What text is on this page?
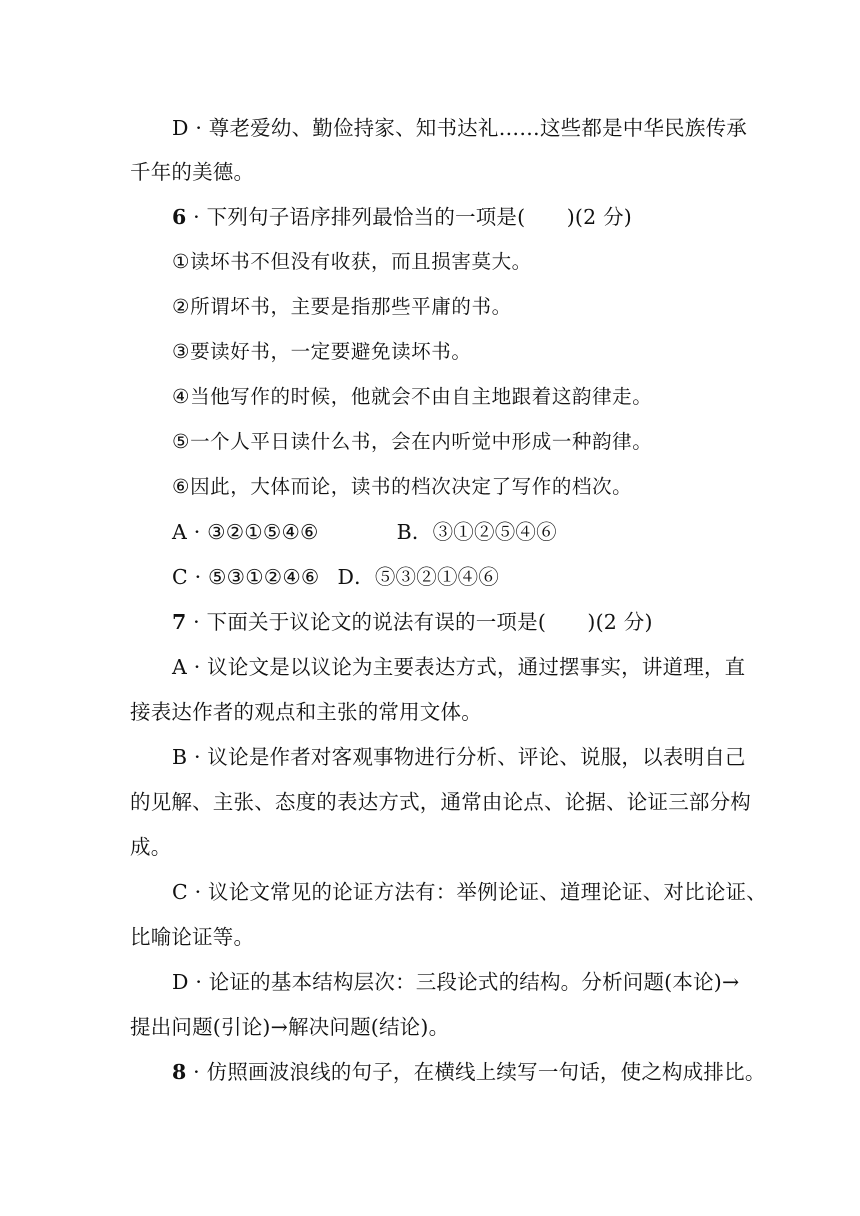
D · 尊老爱幼、勤俭持家、知书达礼……这些都是中华民族传承
千年的美德。
6 · 下列句子语序排列最恰当的一项是(　　)(2 分)
①读坏书不但没有收获，而且损害莫大。
②所谓坏书，主要是指那些平庸的书。
③要读好书，一定要避免读坏书。
④当他写作的时候，他就会不由自主地跟着这韵律走。
⑤一个人平日读什么书，会在内听觉中形成一种韵律。
⑥因此，大体而论，读书的档次决定了写作的档次。
A · ③②①⑤④⑥	B．③①②⑤④⑥
C · ⑤③①②④⑥ D．⑤③②①④⑥
7 · 下面关于议论文的说法有误的一项是(　　)(2 分)
A · 议论文是以议论为主要表达方式，通过摆事实，讲道理，直
接表达作者的观点和主张的常用文体。
B · 议论是作者对客观事物进行分析、评论、说服，以表明自己
的见解、主张、态度的表达方式，通常由论点、论据、论证三部分构
成。
C · 议论文常见的论证方法有：举例论证、道理论证、对比论证、
比喻论证等。
D · 论证的基本结构层次：三段论式的结构。分析问题(本论)→
提出问题(引论)→解决问题(结论)。
8 · 仿照画波浪线的句子，在横线上续写一句话，使之构成排比。
